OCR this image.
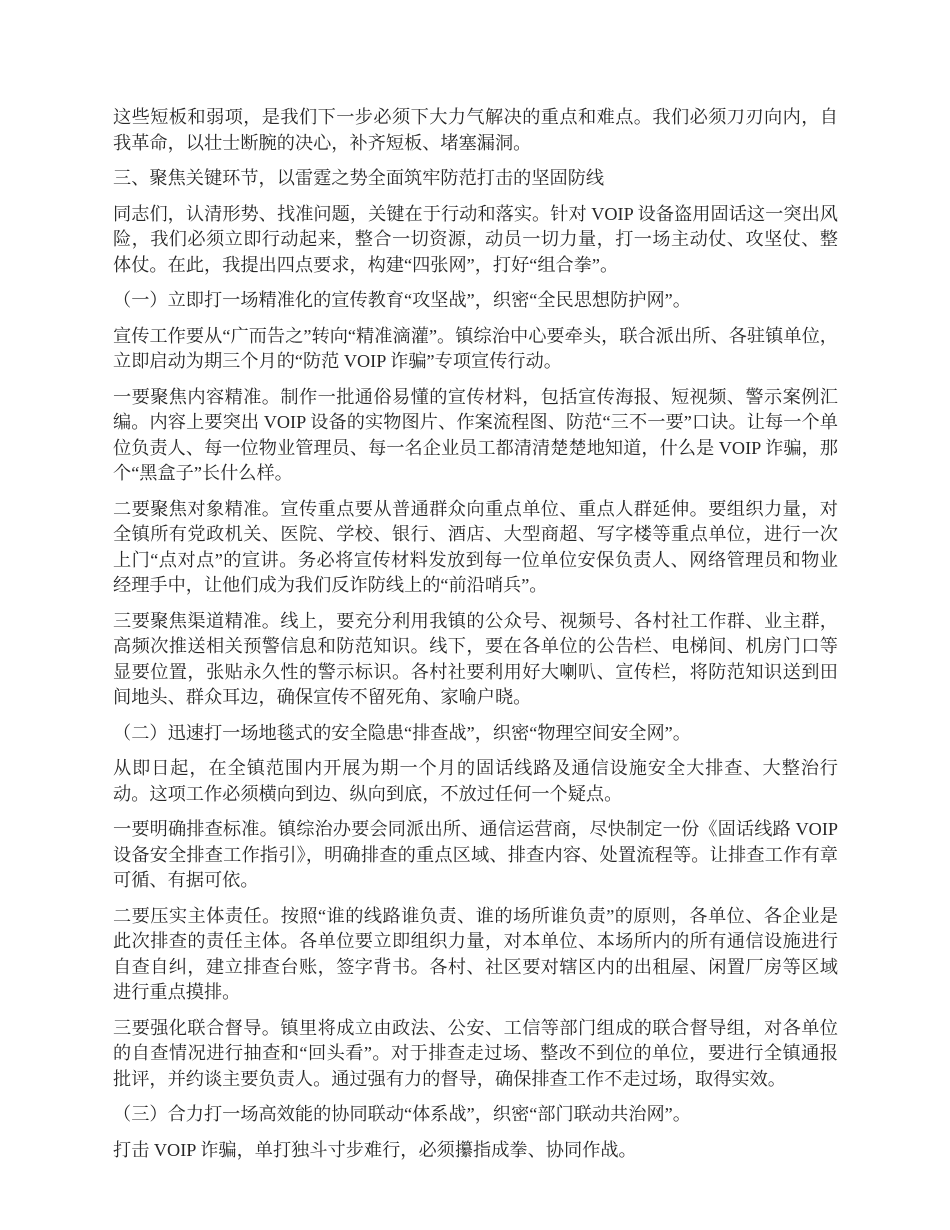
这些短板和弱项，是我们下一步必须下大力气解决的重点和难点。我们必须刀刃向内，自我革命，以壮士断腕的决心，补齐短板、堵塞漏洞。

三、聚焦关键环节，以雷霆之势全面筑牢防范打击的坚固防线

同志们，认清形势、找准问题，关键在于行动和落实。针对 VOIP 设备盗用固话这一突出风险，我们必须立即行动起来，整合一切资源，动员一切力量，打一场主动仗、攻坚仗、整体仗。在此，我提出四点要求，构建“四张网”，打好“组合拳”。

（一）立即打一场精准化的宣传教育“攻坚战”，织密“全民思想防护网”。

宣传工作要从“广而告之”转向“精准滴灌”。镇综治中心要牵头，联合派出所、各驻镇单位，立即启动为期三个月的“防范 VOIP 诈骗”专项宣传行动。

一要聚焦内容精准。制作一批通俗易懂的宣传材料，包括宣传海报、短视频、警示案例汇编。内容上要突出 VOIP 设备的实物图片、作案流程图、防范“三不一要”口诀。让每一个单位负责人、每一位物业管理员、每一名企业员工都清清楚楚地知道，什么是 VOIP 诈骗，那个“黑盒子”长什么样。

二要聚焦对象精准。宣传重点要从普通群众向重点单位、重点人群延伸。要组织力量，对全镇所有党政机关、医院、学校、银行、酒店、大型商超、写字楼等重点单位，进行一次上门“点对点”的宣讲。务必将宣传材料发放到每一位单位安保负责人、网络管理员和物业经理手中，让他们成为我们反诈防线上的“前沿哨兵”。

三要聚焦渠道精准。线上，要充分利用我镇的公众号、视频号、各村社工作群、业主群，高频次推送相关预警信息和防范知识。线下，要在各单位的公告栏、电梯间、机房门口等显要位置，张贴永久性的警示标识。各村社要利用好大喇叭、宣传栏，将防范知识送到田间地头、群众耳边，确保宣传不留死角、家喻户晓。

（二）迅速打一场地毯式的安全隐患“排查战”，织密“物理空间安全网”。

从即日起，在全镇范围内开展为期一个月的固话线路及通信设施安全大排查、大整治行动。这项工作必须横向到边、纵向到底，不放过任何一个疑点。

一要明确排查标准。镇综治办要会同派出所、通信运营商，尽快制定一份《固话线路 VOIP 设备安全排查工作指引》，明确排查的重点区域、排查内容、处置流程等。让排查工作有章可循、有据可依。

二要压实主体责任。按照“谁的线路谁负责、谁的场所谁负责”的原则，各单位、各企业是此次排查的责任主体。各单位要立即组织力量，对本单位、本场所内的所有通信设施进行自查自纠，建立排查台账，签字背书。各村、社区要对辖区内的出租屋、闲置厂房等区域进行重点摸排。

三要强化联合督导。镇里将成立由政法、公安、工信等部门组成的联合督导组，对各单位的自查情况进行抽查和“回头看”。对于排查走过场、整改不到位的单位，要进行全镇通报批评，并约谈主要负责人。通过强有力的督导，确保排查工作不走过场，取得实效。

（三）合力打一场高效能的协同联动“体系战”，织密“部门联动共治网”。

打击 VOIP 诈骗，单打独斗寸步难行，必须攥指成拳、协同作战。
